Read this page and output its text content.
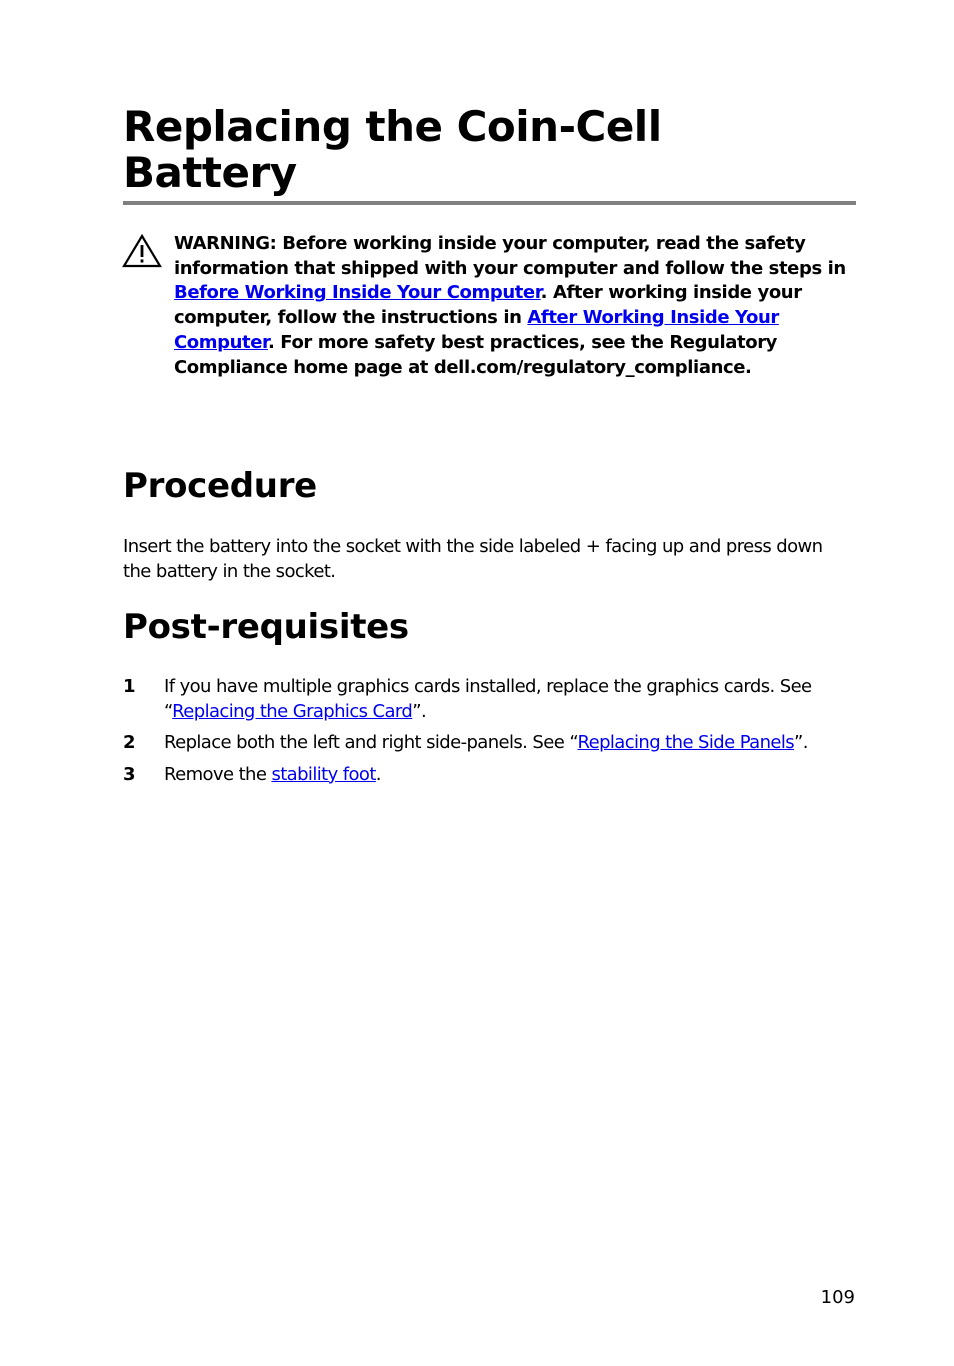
Replacing the Coin-Cell Battery

WARNING: Before working inside your computer, read the safety information that shipped with your computer and follow the steps in Before Working Inside Your Computer. After working inside your computer, follow the instructions in After Working Inside Your Computer. For more safety best practices, see the Regulatory Compliance home page at dell.com/regulatory_compliance.

Procedure

Insert the battery into the socket with the side labeled + facing up and press down the battery in the socket.

Post-requisites
1 If you have multiple graphics cards installed, replace the graphics cards. See “Replacing the Graphics Card”.
2 Replace both the left and right side-panels. See “Replacing the Side Panels”.
3 Remove the stability foot.
109
